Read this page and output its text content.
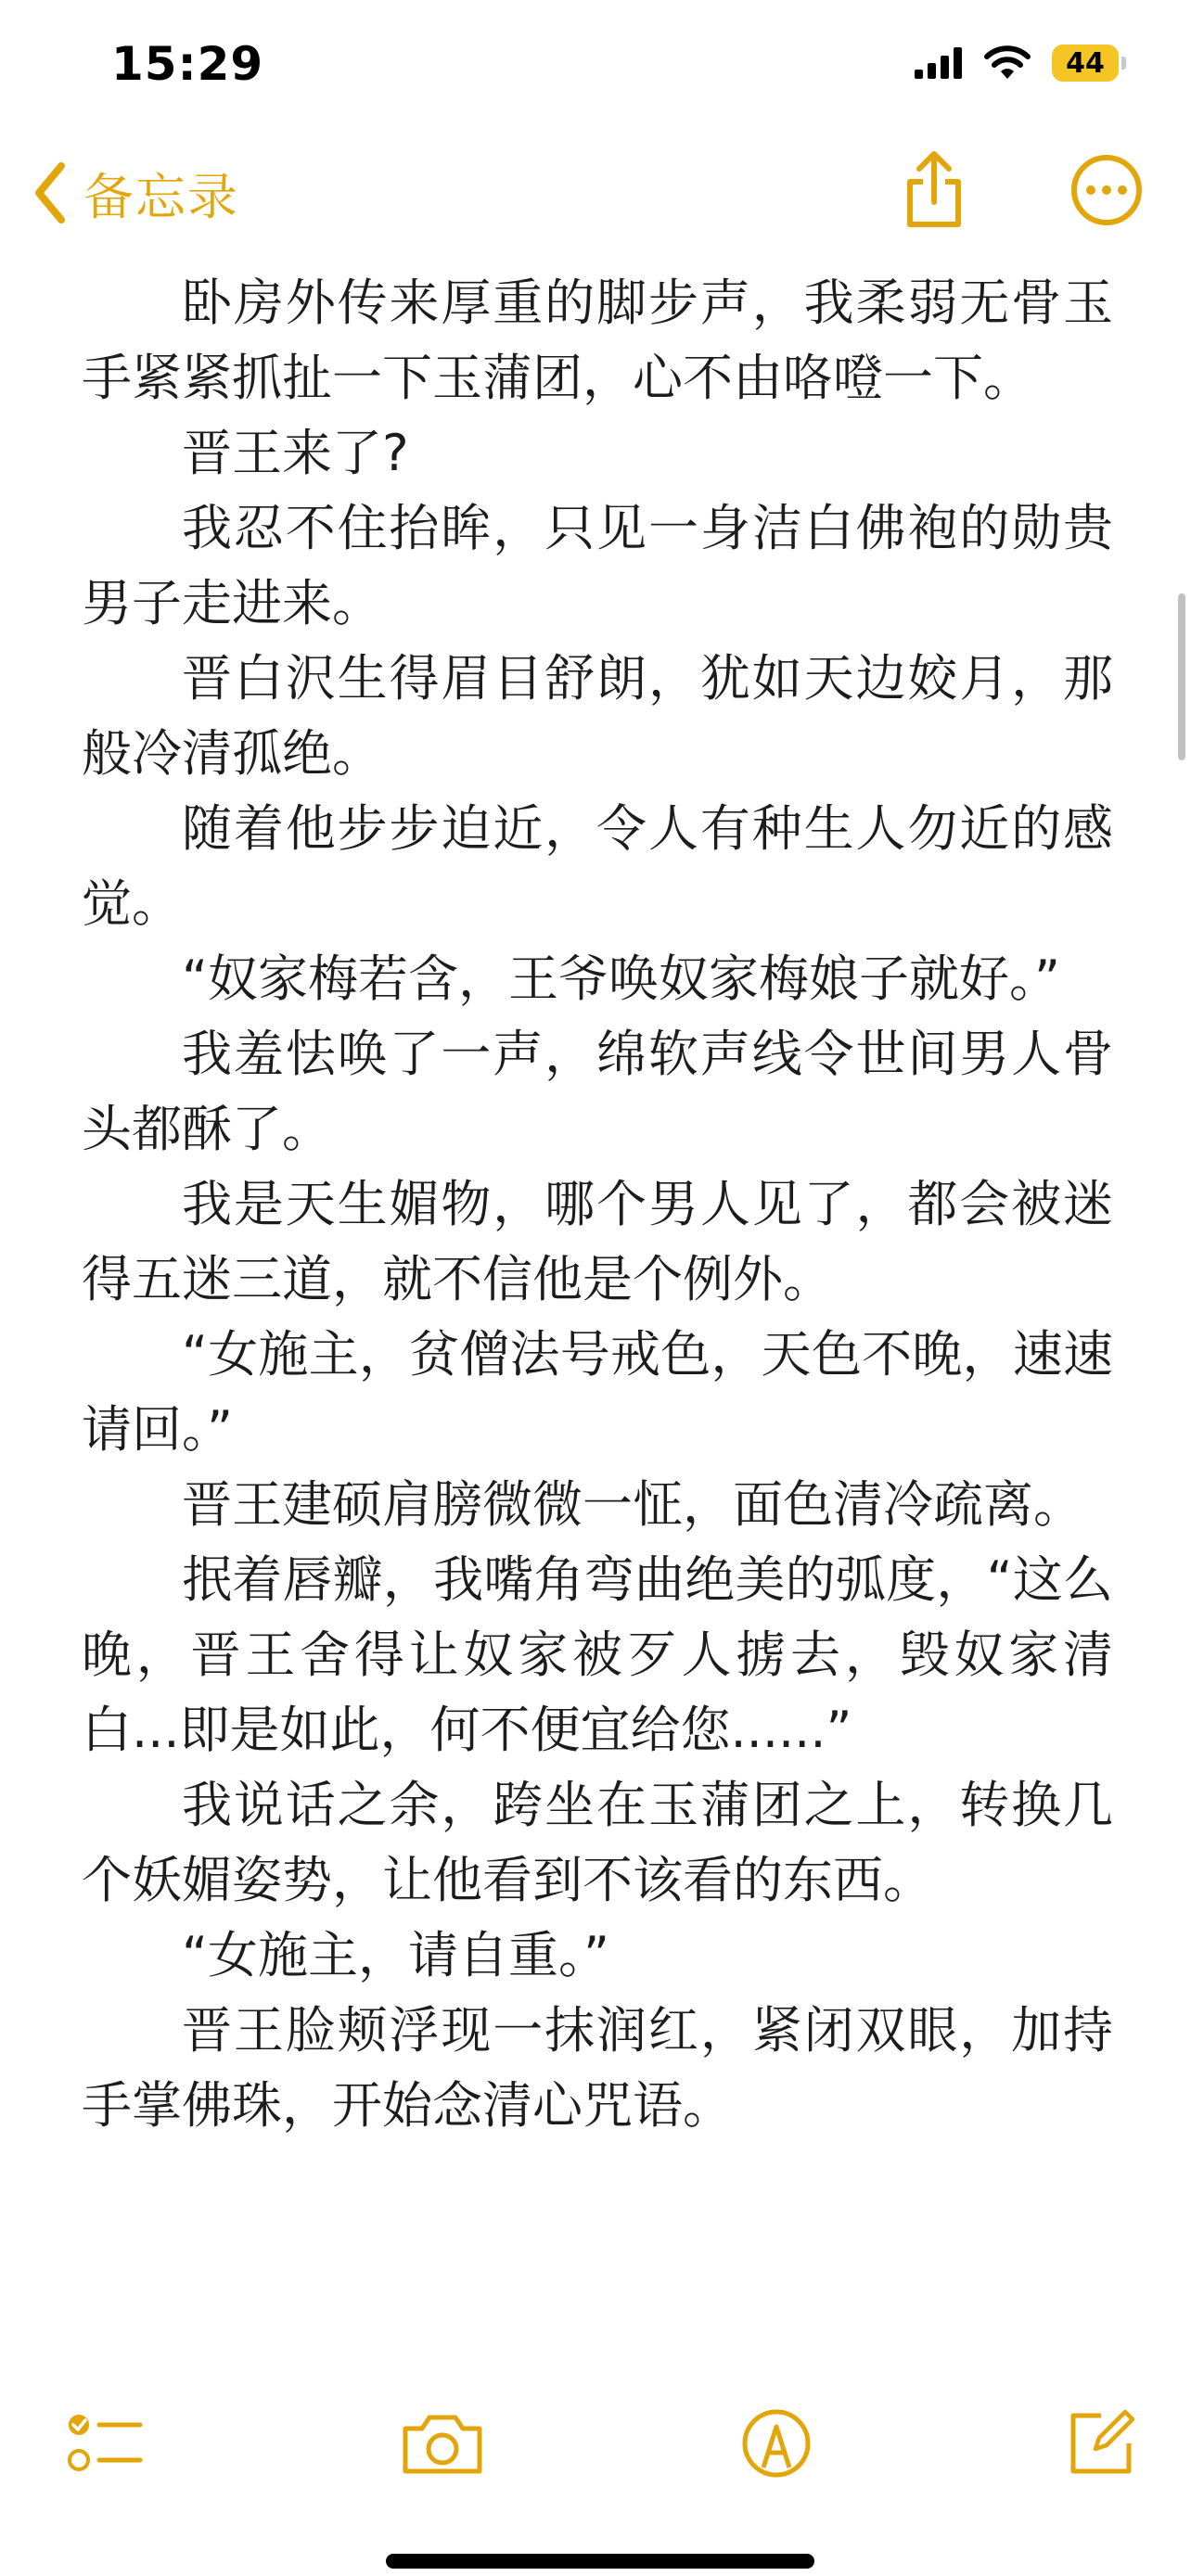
15:29	44

备忘录

卧房外传来厚重的脚步声，我柔弱无骨玉手紧紧抓扯一下玉蒲团，心不由咯噔一下。

晋王来了?

我忍不住抬眸，只见一身洁白佛袍的勋贵男子走进来。

晋白沢生得眉目舒朗，犹如天边姣月，那般冷清孤绝。

随着他步步迫近，令人有种生人勿近的感觉。

“奴家梅若含，王爷唤奴家梅娘子就好。”

我羞怯唤了一声，绵软声线令世间男人骨头都酥了。

我是天生媚物，哪个男人见了，都会被迷得五迷三道，就不信他是个例外。

“女施主，贫僧法号戒色，天色不晚，速速请回。”

晋王建硕肩膀微微一怔，面色清冷疏离。

抿着唇瓣，我嘴角弯曲绝美的弧度，“这么晚，晋王舍得让奴家被歹人掳去，毁奴家清白...即是如此，何不便宜给您......”

我说话之余，跨坐在玉蒲团之上，转换几个妖媚姿势，让他看到不该看的东西。

“女施主，请自重。”

晋王脸颊浮现一抹润红，紧闭双眼，加持手掌佛珠，开始念清心咒语。
